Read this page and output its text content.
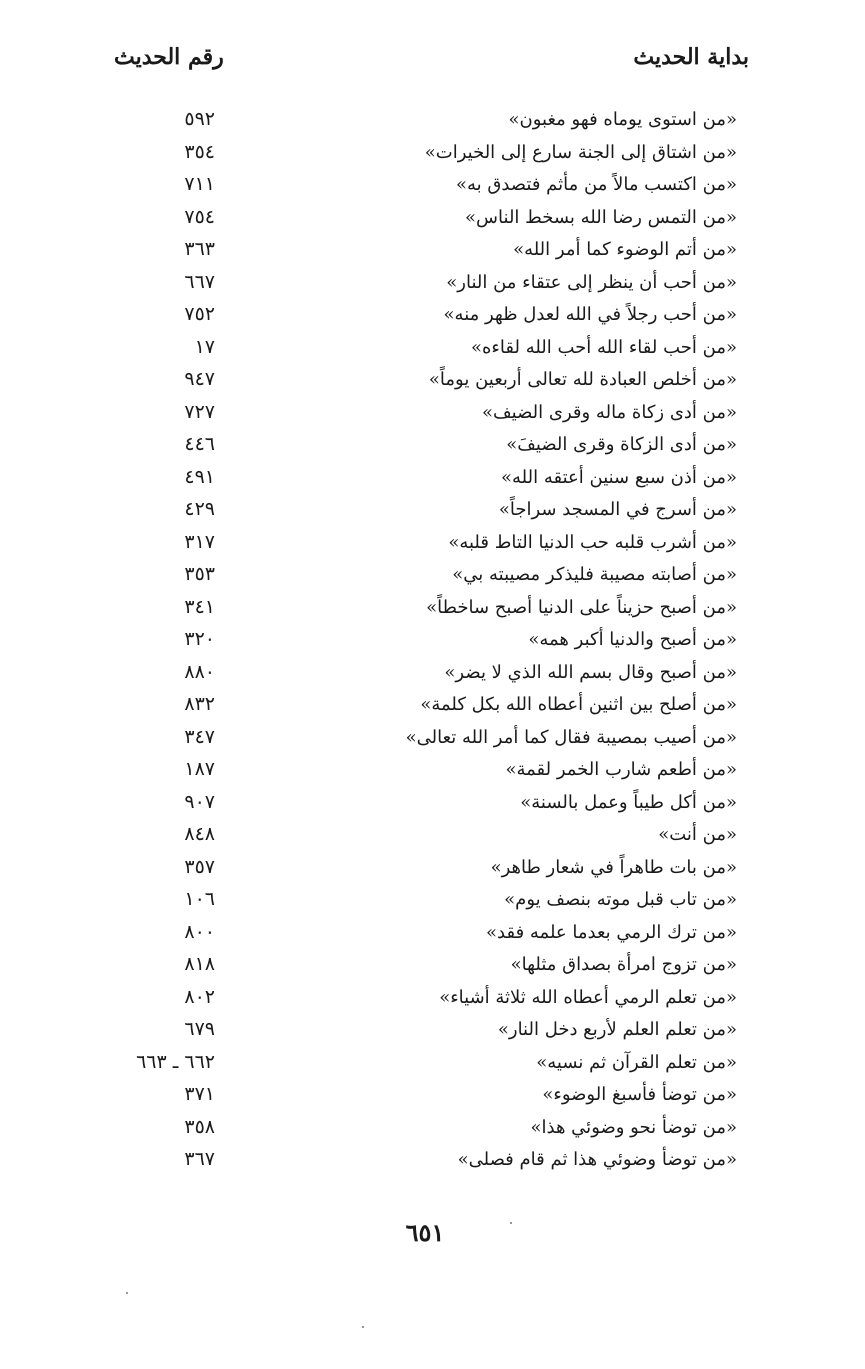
بداية الحديث
رقم الحديث
«من استوى يوماه فهو مغبون»
٥٩٢
«من اشتاق إلى الجنة سارع إلى الخيرات»
٣٥٤
«من اكتسب مالاً من مأثم فتصدق به»
٧١١
«من التمس رضا الله بسخط الناس»
٧٥٤
«من أتم الوضوء كما أمر الله»
٣٦٣
«من أحب أن ينظر إلى عتقاء من النار»
٦٦٧
«من أحب رجلاً في الله لعدل ظهر منه»
٧٥٢
«من أحب لقاء الله أحب الله لقاءه»
١٧
«من أخلص العبادة لله تعالى أربعين يوماً»
٩٤٧
«من أدى زكاة ماله وقرى الضيف»
٧٢٧
«من أدى الزكاة وقرى الضيفَ»
٤٤٦
«من أذن سبع سنين أعتقه الله»
٤٩١
«من أسرج في المسجد سراجاً»
٤٢٩
«من أشرب قلبه حب الدنيا التاط قلبه»
٣١٧
«من أصابته مصيبة فليذكر مصيبته بي»
٣٥٣
«من أصبح حزيناً على الدنيا أصبح ساخطاً»
٣٤١
«من أصبح والدنيا أكبر همه»
٣٢٠
«من أصبح وقال بسم الله الذي لا يضر»
٨٨٠
«من أصلح بين اثنين أعطاه الله بكل كلمة»
٨٣٢
«من أصيب بمصيبة فقال كما أمر الله تعالى»
٣٤٧
«من أطعم شارب الخمر لقمة»
١٨٧
«من أكل طيباً وعمل بالسنة»
٩٠٧
«من أنت»
٨٤٨
«من بات طاهراً في شعار طاهر»
٣٥٧
«من تاب قبل موته بنصف يوم»
١٠٦
«من ترك الرمي بعدما علمه فقد»
٨٠٠
«من تزوج امرأة بصداق مثلها»
٨١٨
«من تعلم الرمي أعطاه الله ثلاثة أشياء»
٨٠٢
«من تعلم العلم لأربع دخل النار»
٦٧٩
«من تعلم القرآن ثم نسيه»
٦٦٢ ـ ٦٦٣
«من توضأ فأسبغ الوضوء»
٣٧١
«من توضأ نحو وضوئي هذا»
٣٥٨
«من توضأ وضوئي هذا ثم قام فصلى»
٣٦٧
٦٥١
